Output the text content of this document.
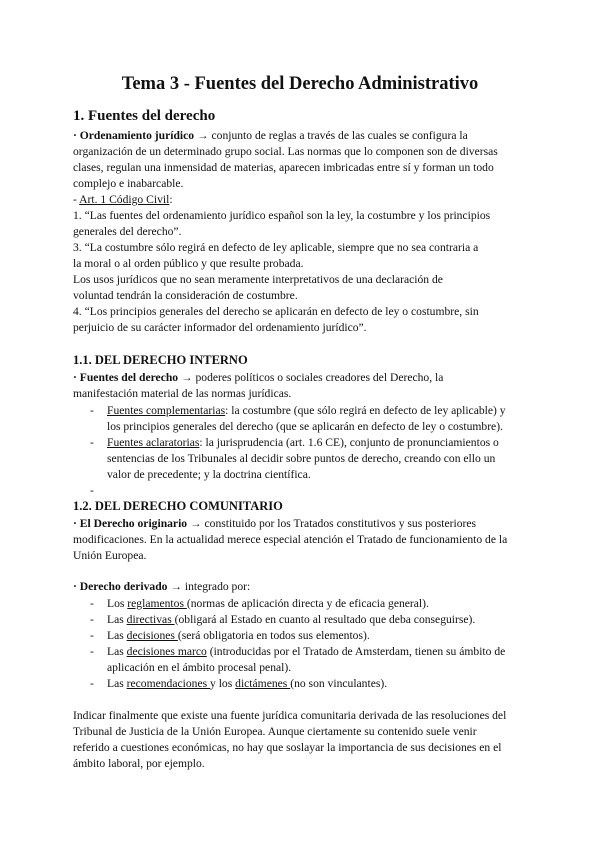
Tema 3 - Fuentes del Derecho Administrativo
1. Fuentes del derecho
· Ordenamiento jurídico → conjunto de reglas a través de las cuales se configura la
organización de un determinado grupo social. Las normas que lo componen son de diversas
clases, regulan una inmensidad de materias, aparecen imbricadas entre sí y forman un todo
complejo e inabarcable.
- Art. 1 Código Civil:
1. “Las fuentes del ordenamiento jurídico español son la ley, la costumbre y los principios
generales del derecho”.
3. “La costumbre sólo regirá en defecto de ley aplicable, siempre que no sea contraria a
la moral o al orden público y que resulte probada.
Los usos jurídicos que no sean meramente interpretativos de una declaración de
voluntad tendrán la consideración de costumbre.
4. “Los principios generales del derecho se aplicarán en defecto de ley o costumbre, sin
perjuicio de su carácter informador del ordenamiento jurídico”.
1.1. DEL DERECHO INTERNO
· Fuentes del derecho → poderes políticos o sociales creadores del Derecho, la
manifestación material de las normas jurídicas.
- Fuentes complementarias: la costumbre (que sólo regirá en defecto de ley aplicable) y
los principios generales del derecho (que se aplicarán en defecto de ley o costumbre).
- Fuentes aclaratorias: la jurisprudencia (art. 1.6 CE), conjunto de pronunciamientos o
sentencias de los Tribunales al decidir sobre puntos de derecho, creando con ello un
valor de precedente; y la doctrina científica.
-
1.2. DEL DERECHO COMUNITARIO
· El Derecho originario → constituido por los Tratados constitutivos y sus posteriores
modificaciones. En la actualidad merece especial atención el Tratado de funcionamiento de la
Unión Europea.
· Derecho derivado → integrado por:
- Los reglamentos (normas de aplicación directa y de eficacia general).
- Las directivas (obligará al Estado en cuanto al resultado que deba conseguirse).
- Las decisiones (será obligatoria en todos sus elementos).
- Las decisiones marco (introducidas por el Tratado de Amsterdam, tienen su ámbito de
aplicación en el ámbito procesal penal).
- Las recomendaciones y los dictámenes (no son vinculantes).
Indicar finalmente que existe una fuente jurídica comunitaria derivada de las resoluciones del
Tribunal de Justicia de la Unión Europea. Aunque ciertamente su contenido suele venir
referido a cuestiones económicas, no hay que soslayar la importancia de sus decisiones en el
ámbito laboral, por ejemplo.
